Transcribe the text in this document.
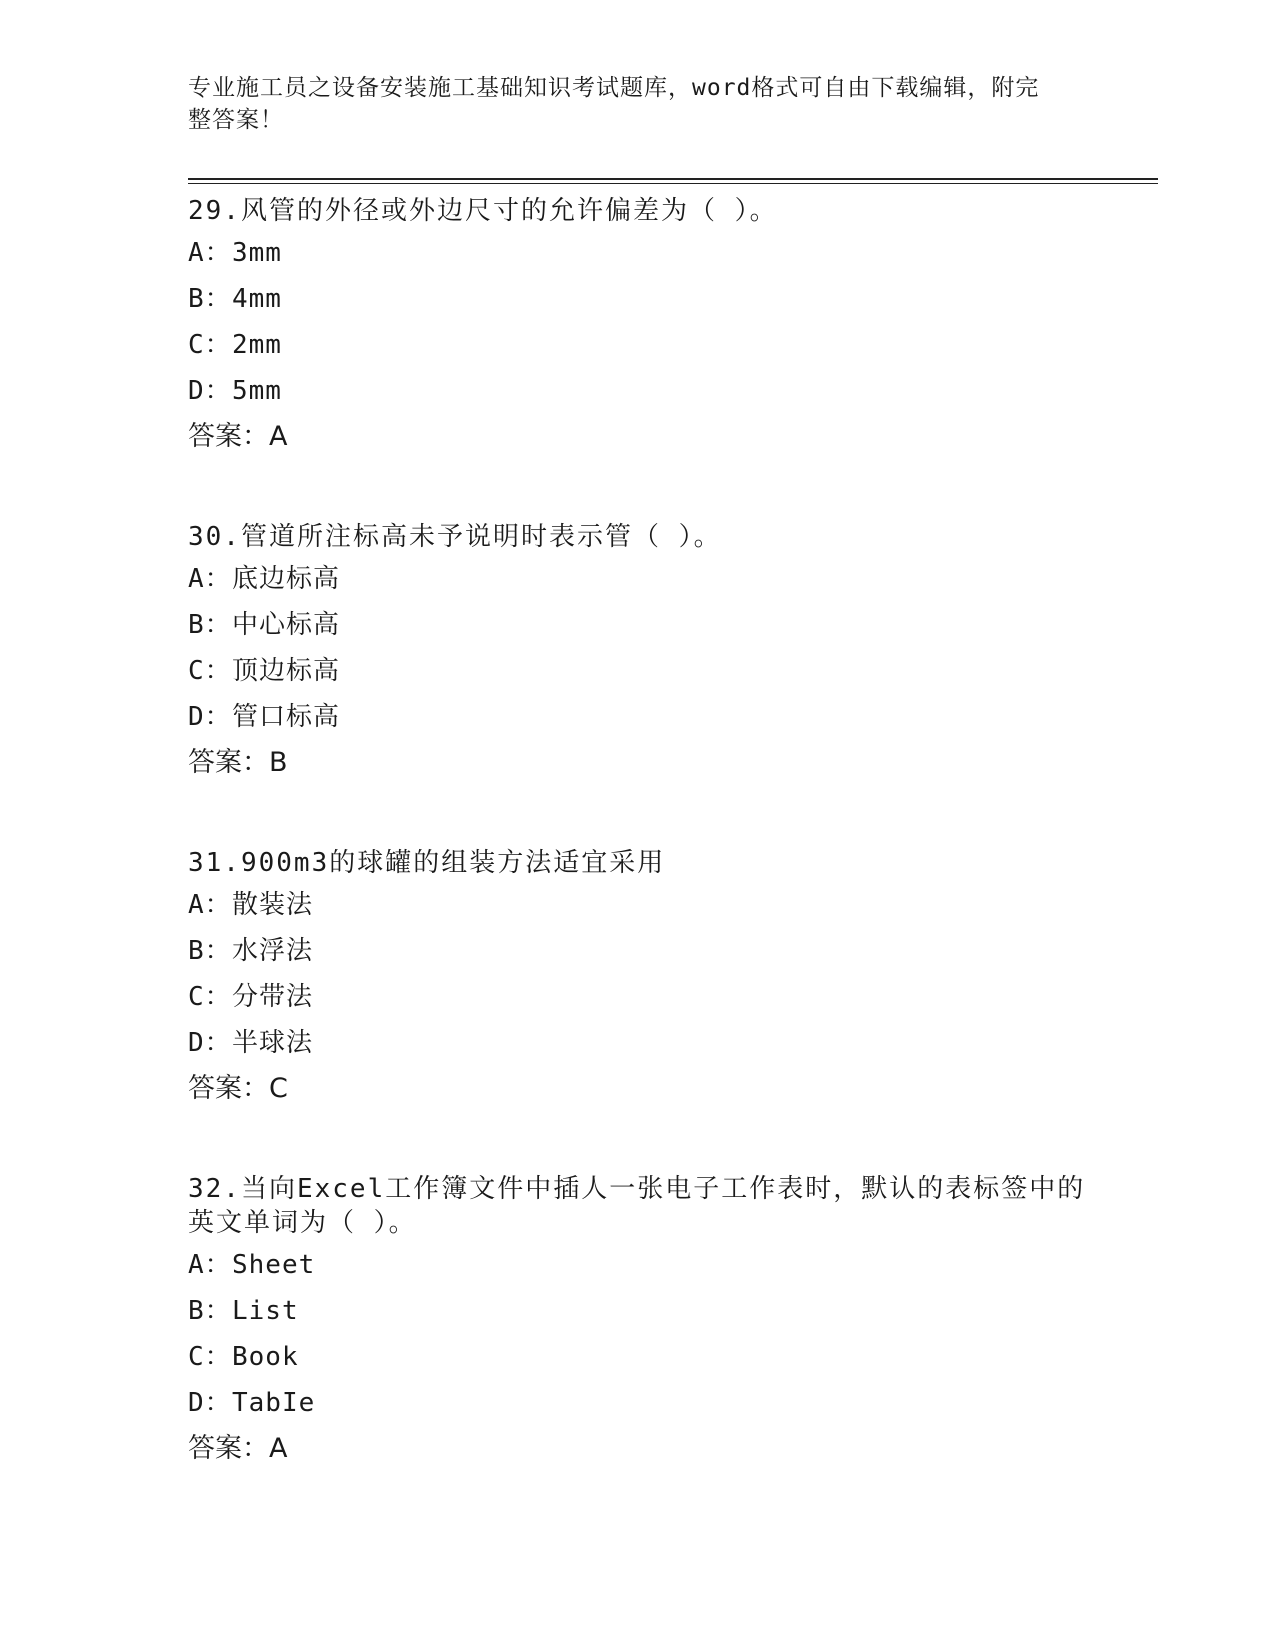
专业施工员之设备安装施工基础知识考试题库，word格式可自由下载编辑，附完
整答案！
29.风管的外径或外边尺寸的允许偏差为（ ）。
A：3mm
B：4mm
C：2mm
D：5mm
答案：A
30.管道所注标高未予说明时表示管（ ）。
A：底边标高
B：中心标高
C：顶边标高
D：管口标高
答案：B
31.900m3的球罐的组装方法适宜采用
A：散装法
B：水浮法
C：分带法
D：半球法
答案：C
32.当向Excel工作簿文件中插人一张电子工作表时，默认的表标签中的英文单词为（ ）。
A：Sheet
B：List
C：Book
D：TabIe
答案：A
